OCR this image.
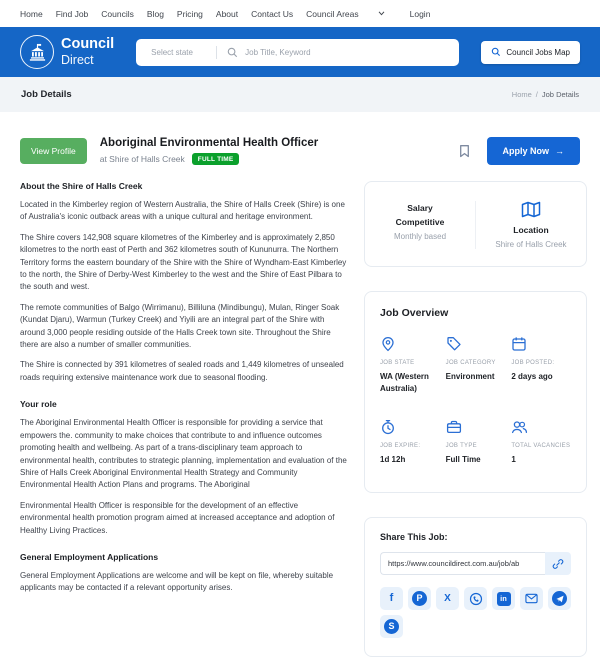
Home Find Job Councils Blog Pricing About Contact Us Council Areas	Login
Council
Direct
Select state
Job Title, Keyword
Council Jobs Map
Job Details	Home / Job Details
View Profile
Aboriginal Environmental Health Officer
at Shire of Halls Creek	FULL TIME
Apply Now →
About the Shire of Halls Creek

Located in the Kimberley region of Western Australia, the Shire of Halls Creek (Shire) is one of Australia's iconic outback areas with a unique cultural and heritage environment.

The Shire covers 142,908 square kilometres of the Kimberley and is approximately 2,850 kilometres to the north east of Perth and 362 kilometres south of Kununurra. The Northern Territory forms the eastern boundary of the Shire with the Shire of Wyndham-East Kimberley to the north, the Shire of Derby-West Kimberley to the west and the Shire of East Pilbara to the south and west.

The remote communities of Balgo (Wirrimanu), Billiluna (Mindibungu), Mulan, Ringer Soak (Kundat Djaru), Warmun (Turkey Creek) and Yiyili are an integral part of the Shire with around 3,000 people residing outside of the Halls Creek town site. Throughout the Shire there are also a number of smaller communities.

The Shire is connected by 391 kilometres of sealed roads and 1,449 kilometres of unsealed roads requiring extensive maintenance work due to seasonal flooding.

Your role

The Aboriginal Environmental Health Officer is responsible for providing a service that empowers the. community to make choices that contribute to and influence outcomes promoting health and wellbeing. As part of a trans-disciplinary team approach to environmental health, contributes to strategic planning, implementation and evaluation of the Shire of Halls Creek Aboriginal Environmental Health Strategy and Community Environmental Health Action Plans and programs. The Aboriginal

Environmental Health Officer is responsible for the development of an effective environmental health promotion program aimed at increased acceptance and adoption of Healthy Living Practices.

General Employment Applications

General Employment Applications are welcome and will be kept on file, whereby suitable applicants may be contacted if a relevant opportunity arises.

Salary
Competitive
Monthly based
Location
Shire of Halls Creek
Job Overview
JOB STATE
WA (Western Australia)
JOB CATEGORY
Environment
JOB POSTED:
2 days ago
JOB EXPIRE:
1d 12h
JOB TYPE
Full Time
TOTAL VACANCIES
1
Share This Job:
https://www.councildirect.com.au/job/ab
f	P	X	in
S
